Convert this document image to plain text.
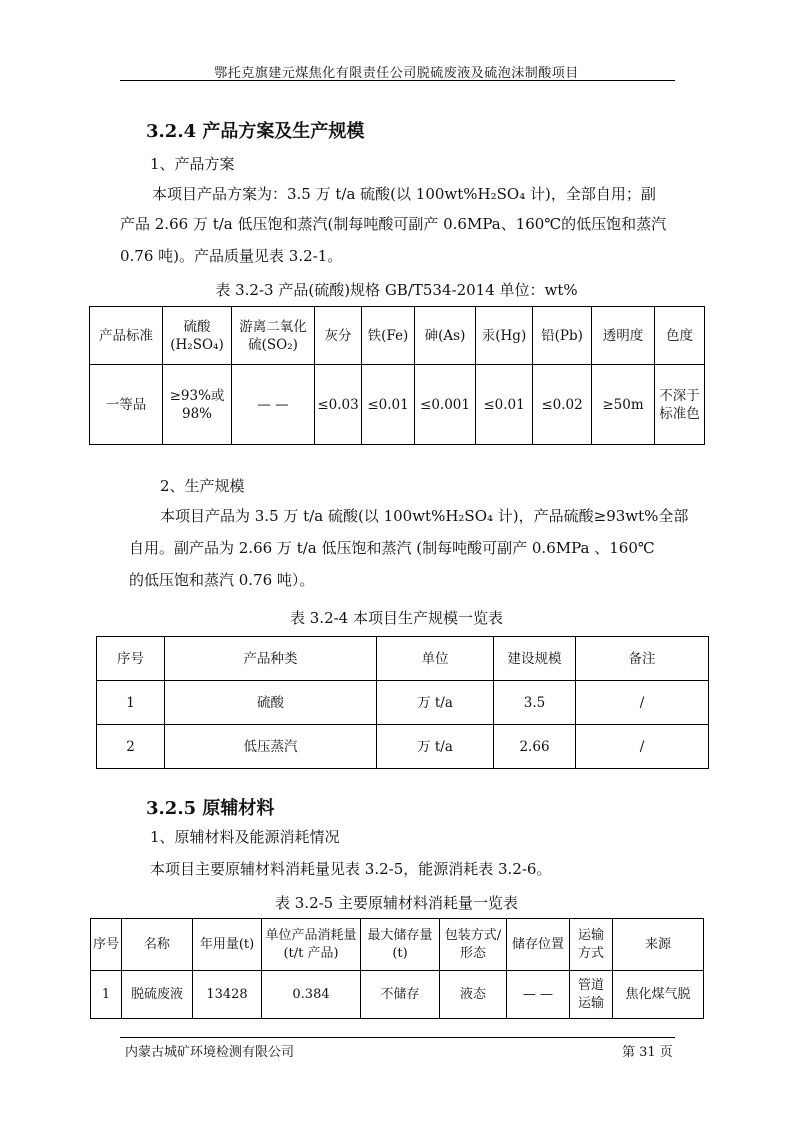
鄂托克旗建元煤焦化有限责任公司脱硫废液及硫泡沫制酸项目
3.2.4 产品方案及生产规模
1、产品方案
本项目产品方案为：3.5 万 t/a 硫酸(以 100wt%H₂SO₄ 计)，全部自用；副
产品 2.66 万 t/a 低压饱和蒸汽(制每吨酸可副产 0.6MPa、160℃的低压饱和蒸汽
0.76 吨)。产品质量见表 3.2-1。
表 3.2-3 产品(硫酸)规格 GB/T534-2014 单位：wt%
产品标准	硫酸(H₂SO₄)	游离二氧化硫(SO₂)	灰分	铁(Fe)	砷(As)	汞(Hg)	铅(Pb)	透明度	色度
一等品	≥93%或98%	— —	≤0.03	≤0.01	≤0.001	≤0.01	≤0.02	≥50m	不深于标准色
2、生产规模
本项目产品为 3.5 万 t/a 硫酸(以 100wt%H₂SO₄ 计)，产品硫酸≥93wt%全部
自用。副产品为 2.66 万 t/a 低压饱和蒸汽 (制每吨酸可副产 0.6MPa 、160℃
的低压饱和蒸汽 0.76 吨）。
表 3.2-4 本项目生产规模一览表
序号	产品种类	单位	建设规模	备注
1	硫酸	万 t/a	3.5	/
2	低压蒸汽	万 t/a	2.66	/
3.2.5 原辅材料
1、原辅材料及能源消耗情况
本项目主要原辅材料消耗量见表 3.2-5，能源消耗表 3.2-6。
表 3.2-5 主要原辅材料消耗量一览表
序号	名称	年用量(t)	单位产品消耗量(t/t 产品)	最大储存量(t)	包装方式/形态	储存位置	运输方式	来源
1	脱硫废液	13428	0.384	不储存	液态	— —	管道运输	焦化煤气脱
内蒙古城矿环境检测有限公司	第 31 页
